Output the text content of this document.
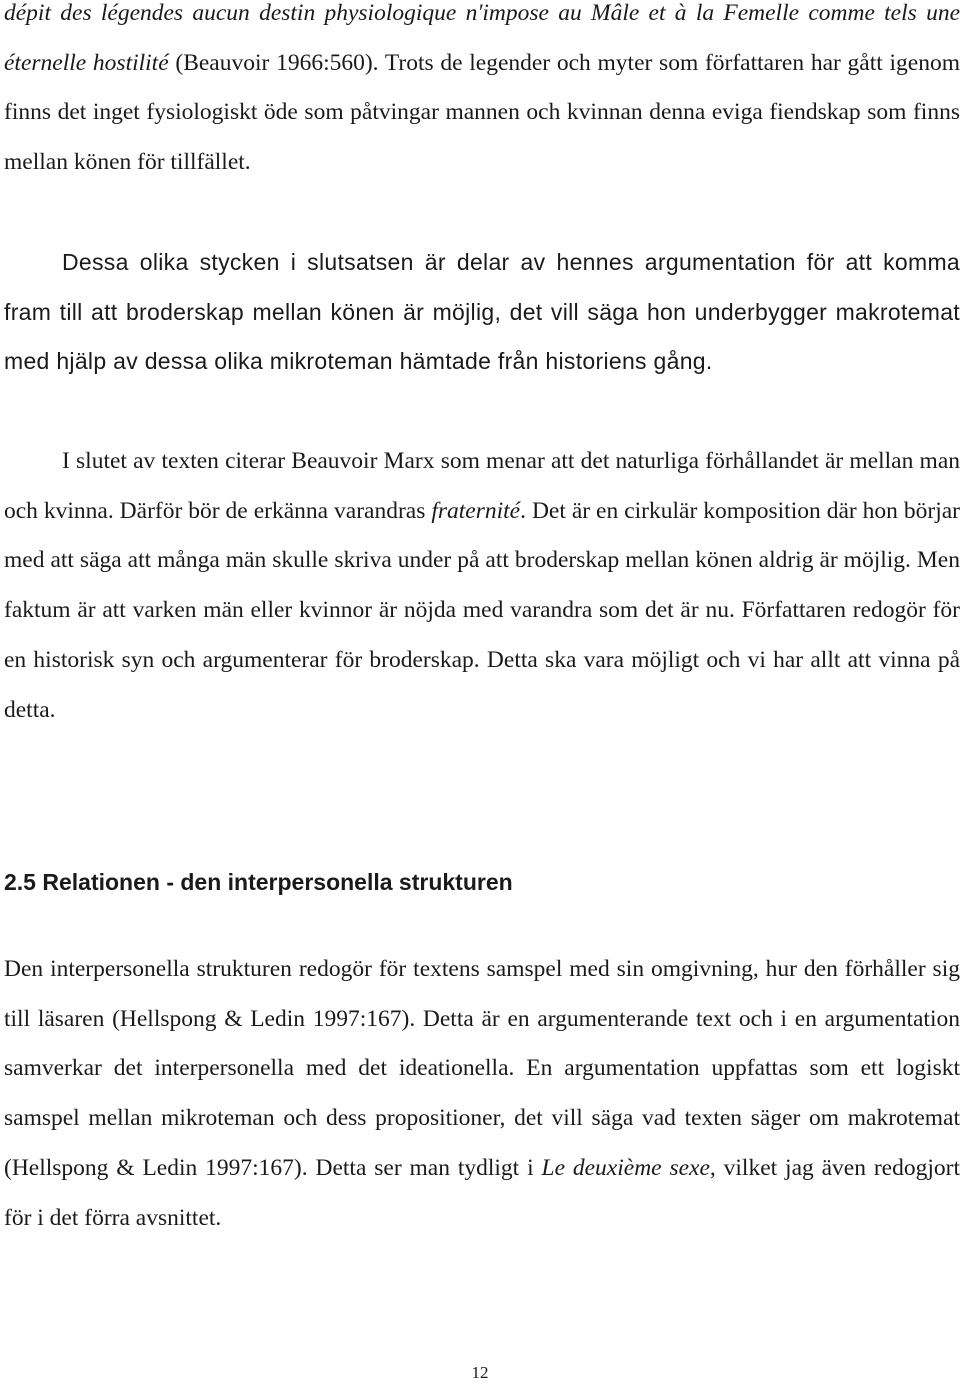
dépit des légendes aucun destin physiologique n'impose au Mâle et à la Femelle comme tels une éternelle hostilité (Beauvoir 1966:560). Trots de legender och myter som författaren har gått igenom finns det inget fysiologiskt öde som påtvingar mannen och kvinnan denna eviga fiendskap som finns mellan könen för tillfället.

Dessa olika stycken i slutsatsen är delar av hennes argumentation för att komma fram till att broderskap mellan könen är möjlig, det vill säga hon underbygger makrotemat med hjälp av dessa olika mikroteman hämtade från historiens gång.

I slutet av texten citerar Beauvoir Marx som menar att det naturliga förhållandet är mellan man och kvinna. Därför bör de erkänna varandras fraternité. Det är en cirkulär komposition där hon börjar med att säga att många män skulle skriva under på att broderskap mellan könen aldrig är möjlig. Men faktum är att varken män eller kvinnor är nöjda med varandra som det är nu. Författaren redogör för en historisk syn och argumenterar för broderskap. Detta ska vara möjligt och vi har allt att vinna på detta.

2.5 Relationen - den interpersonella strukturen

Den interpersonella strukturen redogör för textens samspel med sin omgivning, hur den förhåller sig till läsaren (Hellspong & Ledin 1997:167). Detta är en argumenterande text och i en argumentation samverkar det interpersonella med det ideationella. En argumentation uppfattas som ett logiskt samspel mellan mikroteman och dess propositioner, det vill säga vad texten säger om makrotemat (Hellspong & Ledin 1997:167). Detta ser man tydligt i Le deuxième sexe, vilket jag även redogjort för i det förra avsnittet.

12
